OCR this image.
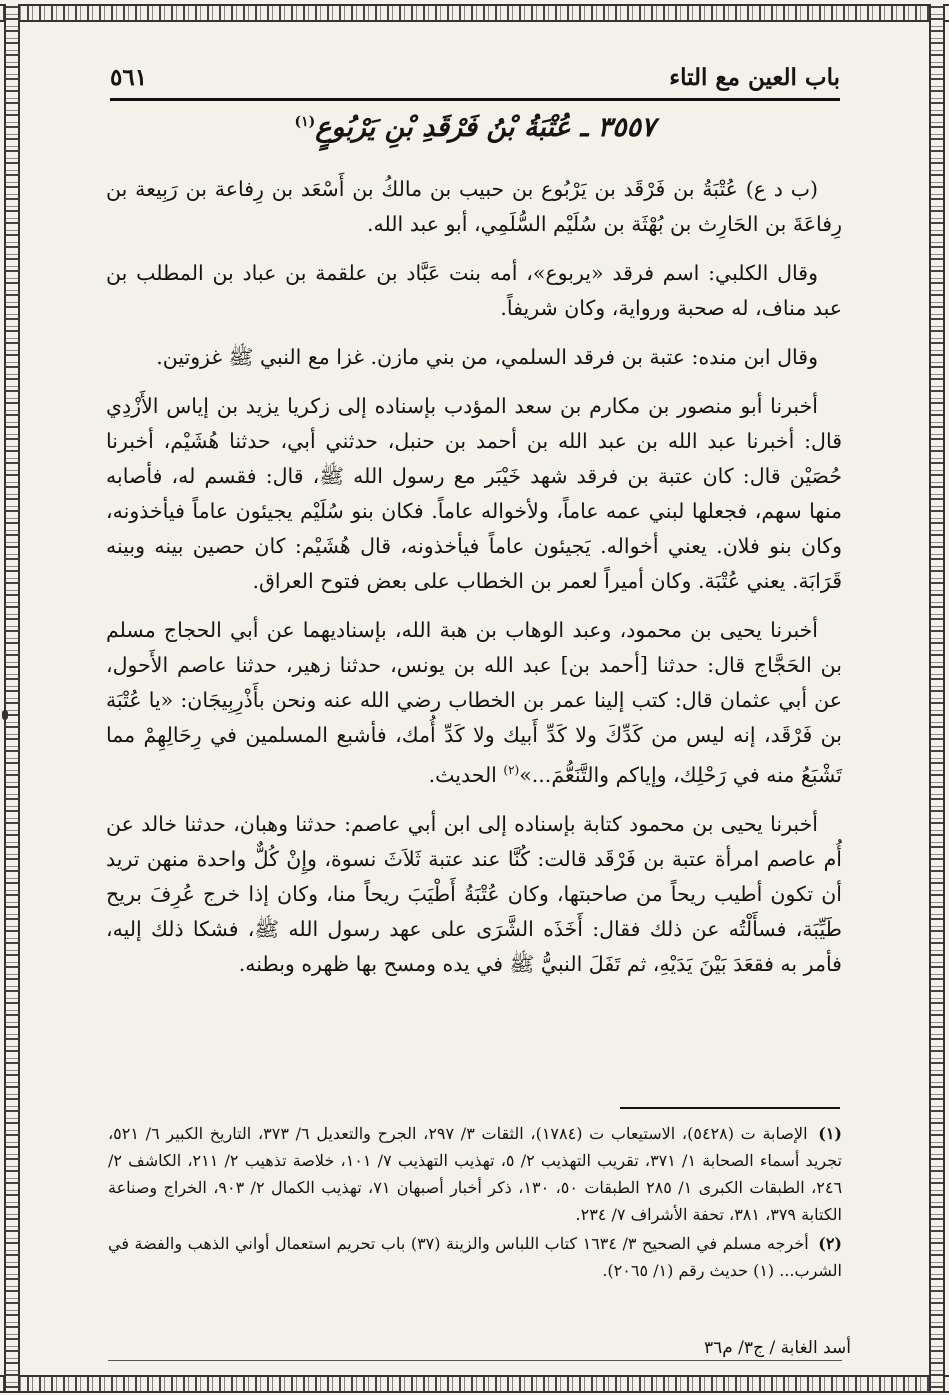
باب العين مع التاء
٥٦١
٣٥٥٧ ـ عُتْبَةُ بْنُ فَرْقَدِ بْنِ يَرْبُوعٍ$^{(١)}$

(ب د ع) عُتْبَةُ بن فَرْقَد بن يَرْبُوع بن حبيب بن مالكُ بن أَسْعَد بن رِفاعة بن رَبِيعة بن رِفاعَةَ بن الحَارِث بن بُهْثَة بن سُلَيْم السُّلَمِي، أبو عبد الله.

وقال الكلبي: اسم فرقد «يربوع»، أمه بنت عَبَّاد بن علقمة بن عباد بن المطلب بن عبد مناف، له صحبة ورواية، وكان شريفاً.

وقال ابن منده: عتبة بن فرقد السلمي، من بني مازن. غزا مع النبي ﷺ غزوتين.

أخبرنا أبو منصور بن مكارم بن سعد المؤدب بإسناده إلى زكريا يزيد بن إياس الأَزْدِي قال: أخبرنا عبد الله بن عبد الله بن أحمد بن حنبل، حدثني أبي، حدثنا هُشَيْم، أخبرنا حُصَيْن قال: كان عتبة بن فرقد شهد خَيْبَر مع رسول الله ﷺ، قال: فقسم له، فأصابه منها سهم، فجعلها لبني عمه عاماً، ولأخواله عاماً. فكان بنو سُلَيْم يجيئون عاماً فيأخذونه، وكان بنو فلان. يعني أخواله. يَجيئون عاماً فيأخذونه، قال هُشَيْم: كان حصين بينه وبينه قَرَابَة. يعني عُتْبَة. وكان أميراً لعمر بن الخطاب على بعض فتوح العراق.

أخبرنا يحيى بن محمود، وعبد الوهاب بن هبة الله، بإسناديهما عن أبي الحجاج مسلم بن الحَجَّاج قال: حدثنا [أحمد بن] عبد الله بن يونس، حدثنا زهير، حدثنا عاصم الأَحول، عن أبي عثمان قال: كتب إلينا عمر بن الخطاب رضي الله عنه ونحن بأَذْرِبِيجَان: «يا عُتْبَة بن فَرْقَد، إنه ليس من كَدِّكَ ولا كَدِّ أَبيك ولا كَدِّ أُمك، فأشبع المسلمين في رِحَالِهِمْ مما تَشْبَعُ منه في رَحْلِك، وإياكم والتَّنَعُّمَ...»$^{(٢)}$ الحديث.

أخبرنا يحيى بن محمود كتابة بإسناده إلى ابن أبي عاصم: حدثنا وهبان، حدثنا خالد عن أُم عاصم امرأة عتبة بن فَرْقَد قالت: كُنَّا عند عتبة ثَلاَثَ نسوة، وإِنْ كُلٌّ واحدة منهن تريد أن تكون أطيب ريحاً من صاحبتها، وكان عُتْبَةُ أَطْيَبَ ريحاً منا، وكان إذا خرج عُرِفَ بريح طَيِّبَة، فسأَلْتُه عن ذلك فقال: أَخَذَه الشَّرَى على عهد رسول الله ﷺ، فشكا ذلك إليه، فأمر به فقعَدَ بَيْنَ يَدَيْهِ، ثم تَفَلَ النبيُّ ﷺ في يده ومسح بها ظهره وبطنه.

(١) الإصابة ت (٥٤٢٨)، الاستيعاب ت (١٧٨٤)، الثقات ٣/ ٢٩٧، الجرح والتعديل ٦/ ٣٧٣، التاريخ الكبير ٦/ ٥٢١، تجريد أسماء الصحابة ١/ ٣٧١، تقريب التهذيب ٢/ ٥، تهذيب التهذيب ٧/ ١٠١، خلاصة تذهيب ٢/ ٢١١، الكاشف ٢/ ٢٤٦، الطبقات الكبرى ١/ ٢٨٥ الطبقات ٥٠، ١٣٠، ذكر أخبار أصبهان ٧١، تهذيب الكمال ٢/ ٩٠٣، الخراج وصناعة الكتابة ٣٧٩، ٣٨١، تحفة الأشراف ٧/ ٢٣٤.

(٢) أخرجه مسلم في الصحيح ٣/ ١٦٣٤ كتاب اللباس والزينة (٣٧) باب تحريم استعمال أواني الذهب والفضة في الشرب... (١) حديث رقم (١/ ٢٠٦٥).

أسد الغابة / ج٣/ م٣٦
